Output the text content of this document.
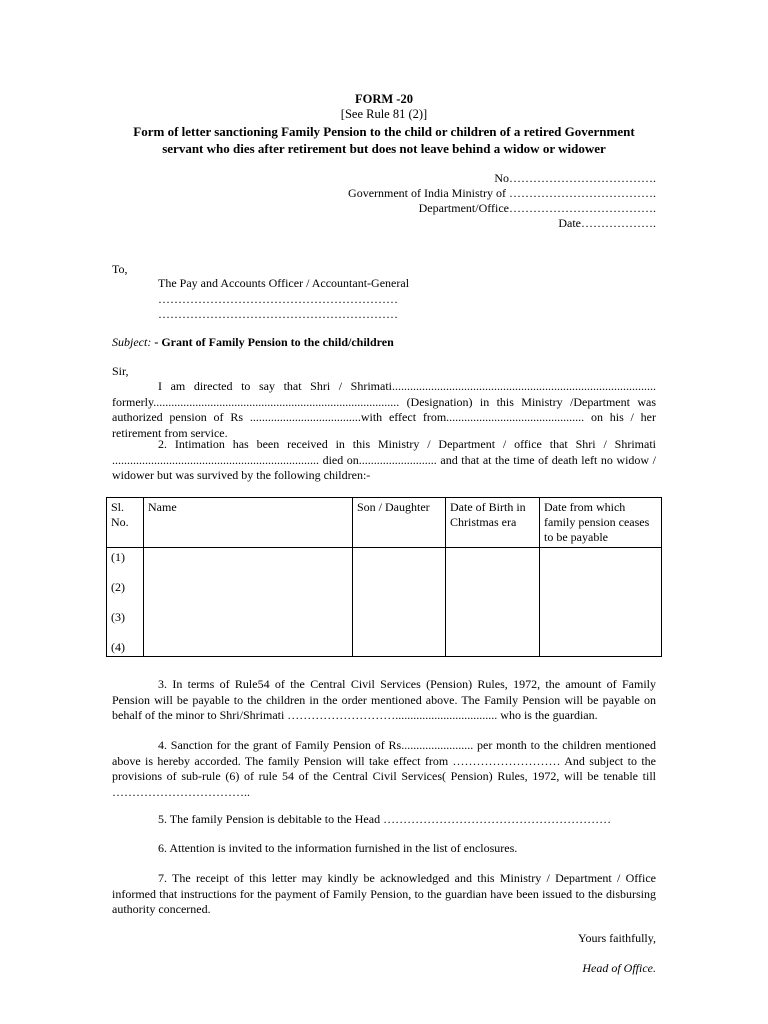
FORM -20
[See Rule 81 (2)]
Form of letter sanctioning Family Pension to the child or children of a retired Government
servant who dies after retirement but does not leave behind a widow or widower
No……………………………….
Government of India Ministry of ……………………………….
Department/Office……………………………….
Date……………….
To,
The Pay and Accounts Officer / Accountant-General
……………………………………………………
……………………………………………………
Subject: - Grant of Family Pension to the child/children
Sir,
I am directed to say that Shri / Shrimati........................................................................................ formerly.................................................................................. (Designation) in this Ministry /Department was authorized pension of Rs .....................................with effect from.............................................. on his / her retirement from service.
2. Intimation has been received in this Ministry / Department / office that Shri / Shrimati ..................................................................... died on.......................... and that at the time of death left no widow / widower but was survived by the following children:-
Sl. No.	Name	Son / Daughter	Date of Birth in Christmas era	Date from which family pension ceases to be payable

(1)
(2)
(3)
(4)				

3. In terms of Rule54 of the Central Civil Services (Pension) Rules, 1972, the amount of Family Pension will be payable to the children in the order mentioned above. The Family Pension will be payable on behalf of the minor to Shri/Shrimati ……………………….................................. who is the guardian.
4. Sanction for the grant of Family Pension of Rs........................ per month to the children mentioned above is hereby accorded. The family Pension will take effect from ……………………… And subject to the provisions of sub-rule (6) of rule 54 of the Central Civil Services( Pension) Rules, 1972, will be tenable till ……………………………..
5. The family Pension is debitable to the Head …………………………………………………
6. Attention is invited to the information furnished in the list of enclosures.
7. The receipt of this letter may kindly be acknowledged and this Ministry / Department / Office informed that instructions for the payment of Family Pension, to the guardian have been issued to the disbursing authority concerned.
Yours faithfully,
Head of Office.
